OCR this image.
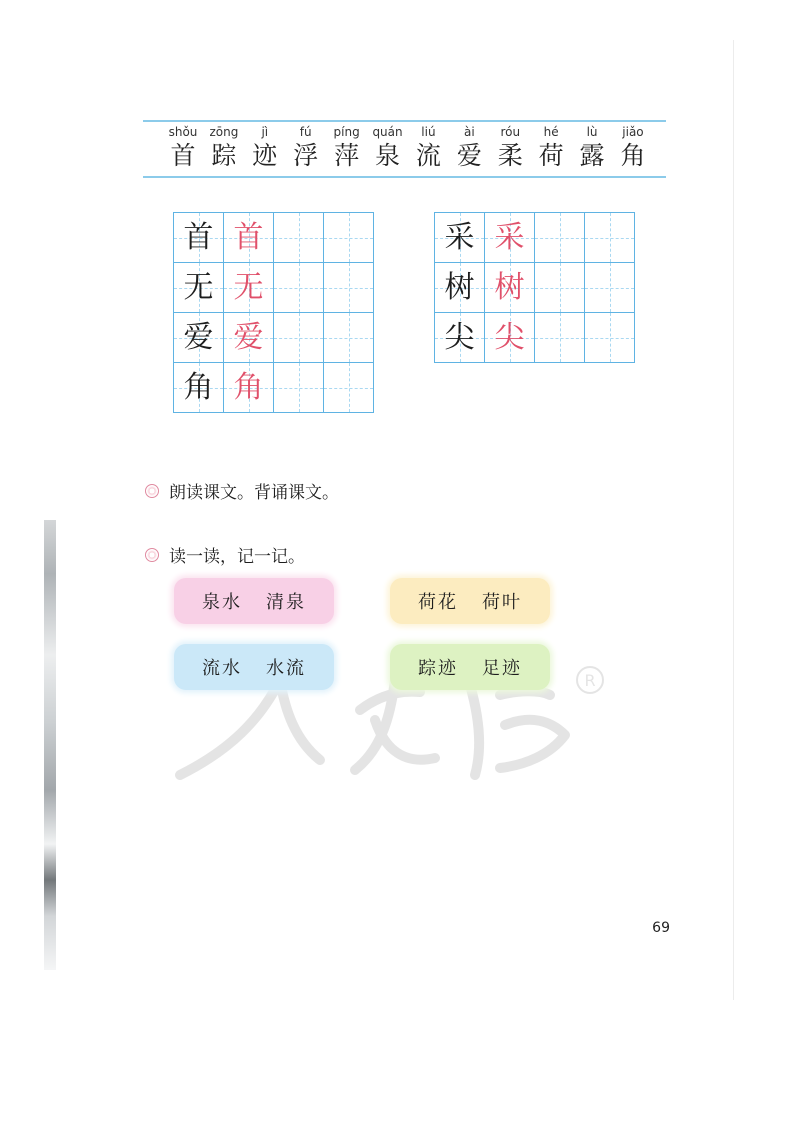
shǒu
首
zōng
踪
jì
迹
fú
浮
píng
萍
quán
泉
liú
流
ài
爱
róu
柔
hé
荷
lù
露
jiǎo
角
首 首
无 无
爱 爱
角 角
采 采
树 树
尖 尖
朗读课文。背诵课文。
读一读，记一记。
R
泉水 清泉	荷花 荷叶
流水 水流	踪迹 足迹
69
